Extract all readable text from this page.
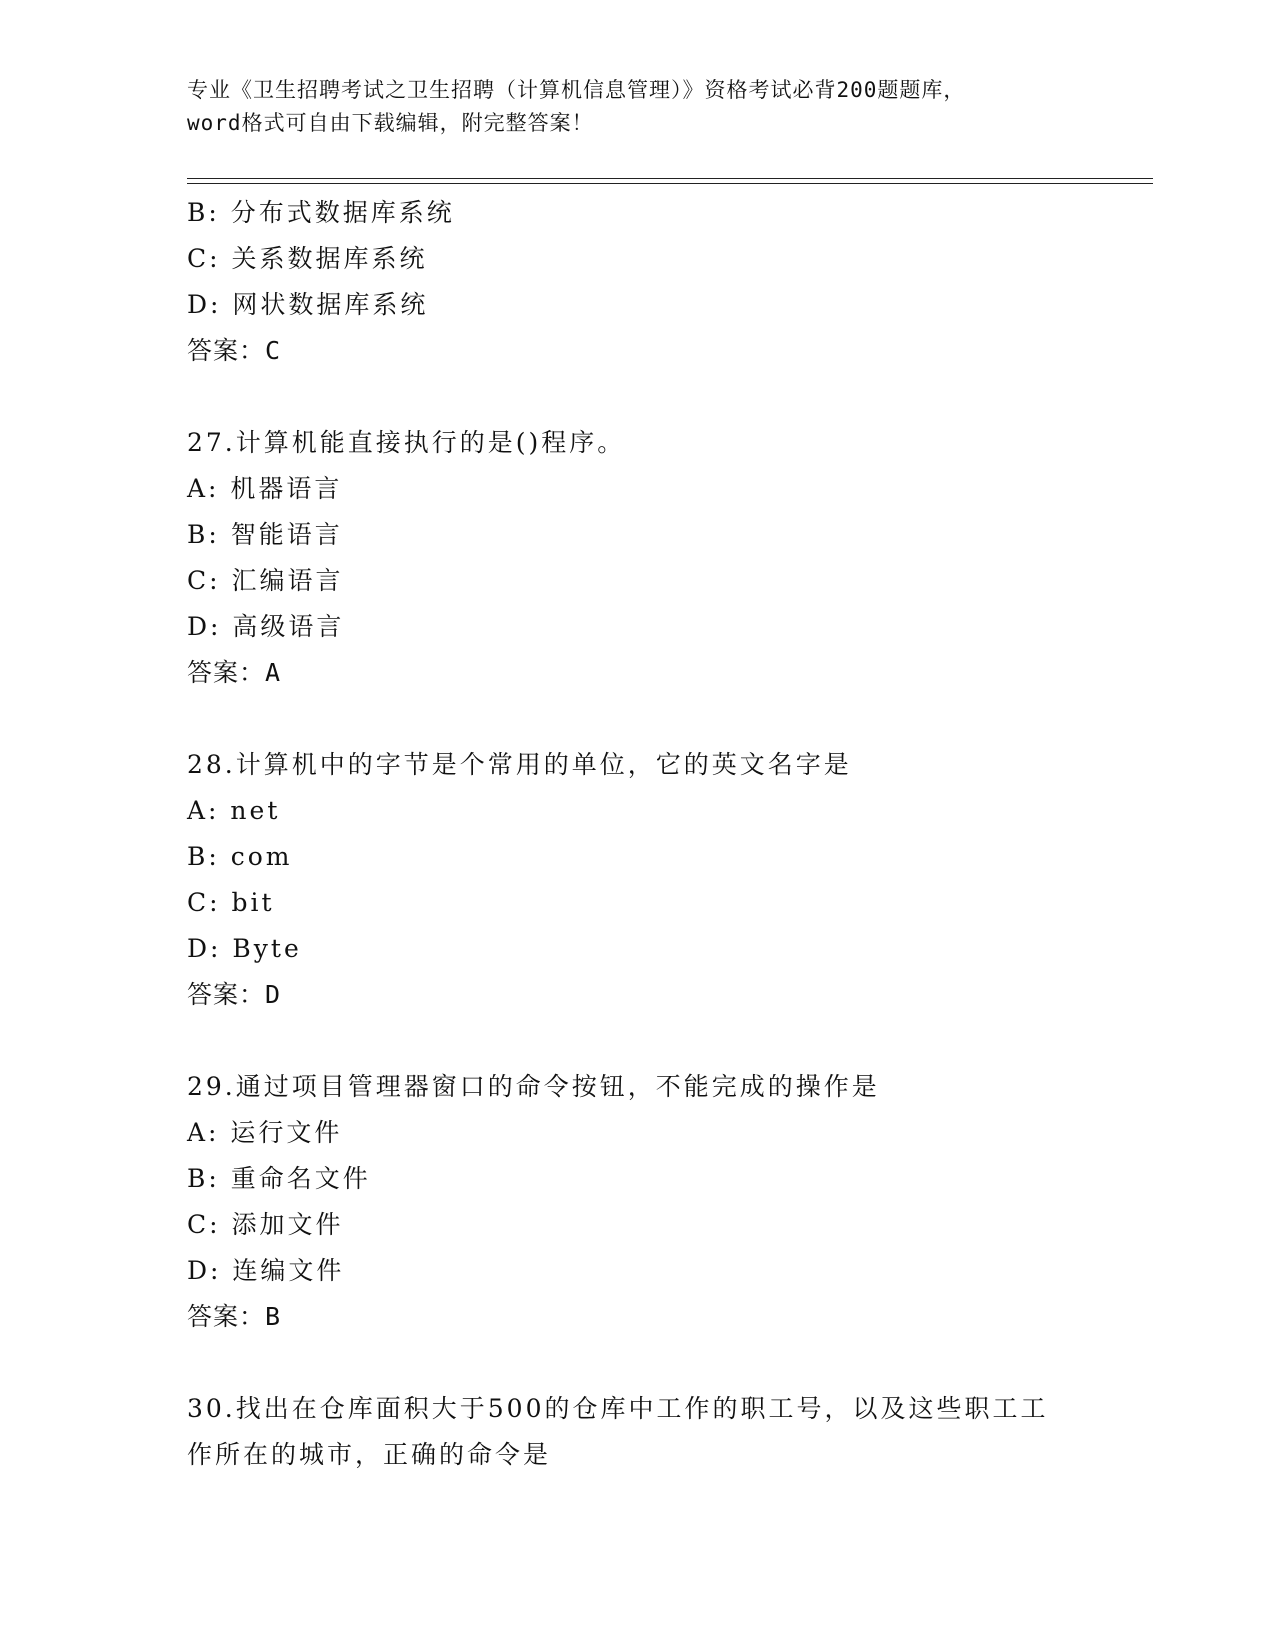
专业《卫生招聘考试之卫生招聘（计算机信息管理）》资格考试必背200题题库，
word格式可自由下载编辑，附完整答案！
B: 分布式数据库系统
C: 关系数据库系统
D: 网状数据库系统
答案：C
27.计算机能直接执行的是()程序。
A: 机器语言
B: 智能语言
C: 汇编语言
D: 高级语言
答案：A
28.计算机中的字节是个常用的单位，它的英文名字是
A: net
B: com
C: bit
D: Byte
答案：D
29.通过项目管理器窗口的命令按钮，不能完成的操作是
A: 运行文件
B: 重命名文件
C: 添加文件
D: 连编文件
答案：B
30.找出在仓库面积大于500的仓库中工作的职工号，以及这些职工工
作所在的城市，正确的命令是
